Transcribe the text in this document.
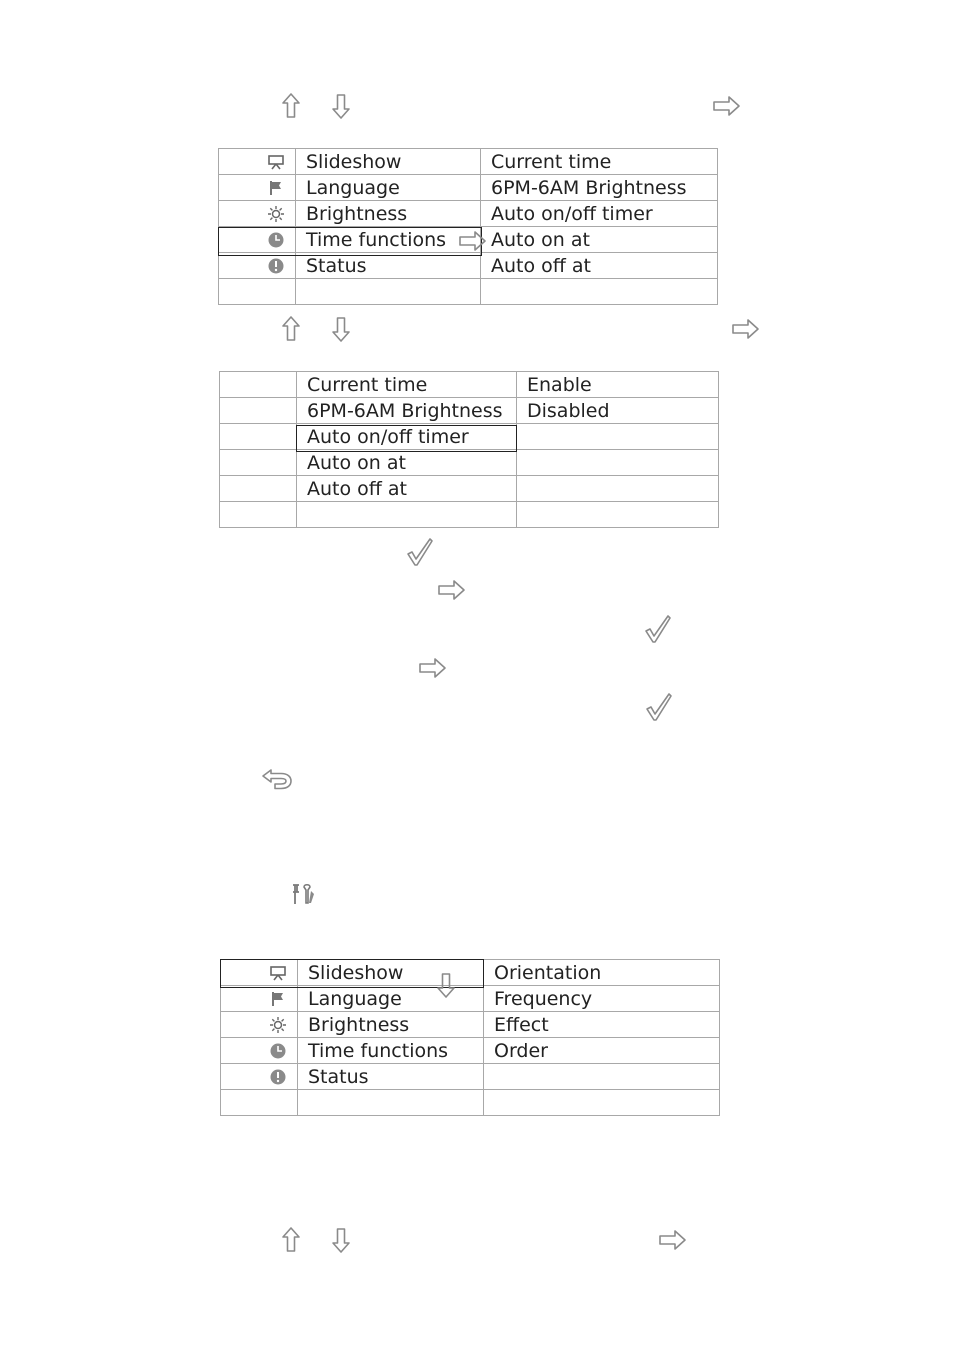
	Slideshow	Current time
	Language	6PM-6AM Brightness
	Brightness	Auto on/off timer
	Time functions	Auto on at
	Status	Auto off at

	Current time	Enable
	6PM-6AM Brightness	Disabled
	Auto on/off timer	
	Auto on at	
	Auto off at	

	Slideshow	Orientation
	Language	Frequency
	Brightness	Effect
	Time functions	Order
	Status	
